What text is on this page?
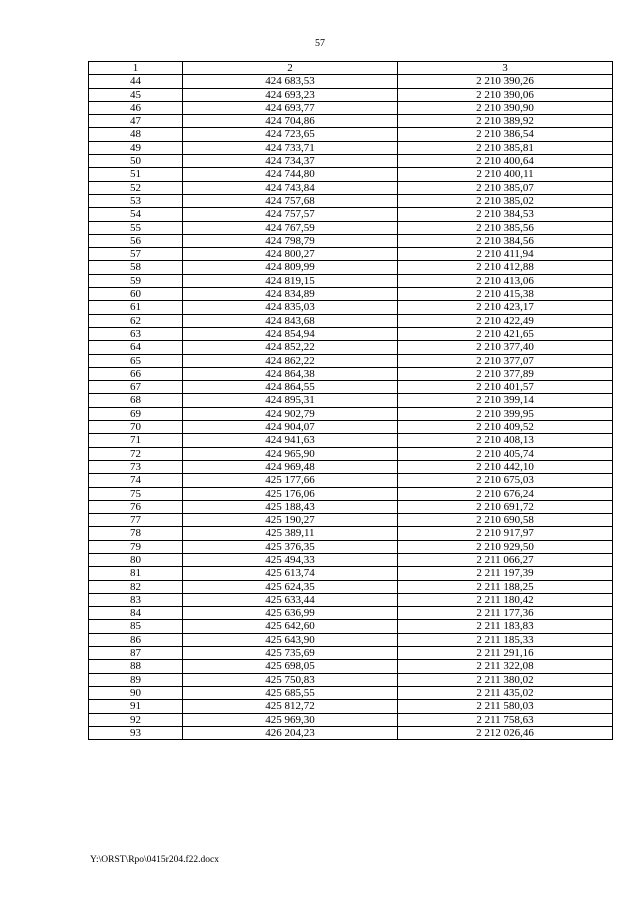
57
1	2	3
44	424 683,53	2 210 390,26
45	424 693,23	2 210 390,06
46	424 693,77	2 210 390,90
47	424 704,86	2 210 389,92
48	424 723,65	2 210 386,54
49	424 733,71	2 210 385,81
50	424 734,37	2 210 400,64
51	424 744,80	2 210 400,11
52	424 743,84	2 210 385,07
53	424 757,68	2 210 385,02
54	424 757,57	2 210 384,53
55	424 767,59	2 210 385,56
56	424 798,79	2 210 384,56
57	424 800,27	2 210 411,94
58	424 809,99	2 210 412,88
59	424 819,15	2 210 413,06
60	424 834,89	2 210 415,38
61	424 835,03	2 210 423,17
62	424 843,68	2 210 422,49
63	424 854,94	2 210 421,65
64	424 852,22	2 210 377,40
65	424 862,22	2 210 377,07
66	424 864,38	2 210 377,89
67	424 864,55	2 210 401,57
68	424 895,31	2 210 399,14
69	424 902,79	2 210 399,95
70	424 904,07	2 210 409,52
71	424 941,63	2 210 408,13
72	424 965,90	2 210 405,74
73	424 969,48	2 210 442,10
74	425 177,66	2 210 675,03
75	425 176,06	2 210 676,24
76	425 188,43	2 210 691,72
77	425 190,27	2 210 690,58
78	425 389,11	2 210 917,97
79	425 376,35	2 210 929,50
80	425 494,33	2 211 066,27
81	425 613,74	2 211 197,39
82	425 624,35	2 211 188,25
83	425 633,44	2 211 180,42
84	425 636,99	2 211 177,36
85	425 642,60	2 211 183,83
86	425 643,90	2 211 185,33
87	425 735,69	2 211 291,16
88	425 698,05	2 211 322,08
89	425 750,83	2 211 380,02
90	425 685,55	2 211 435,02
91	425 812,72	2 211 580,03
92	425 969,30	2 211 758,63
93	426 204,23	2 212 026,46
Y:\ORST\Rpo\0415r204.f22.docx
